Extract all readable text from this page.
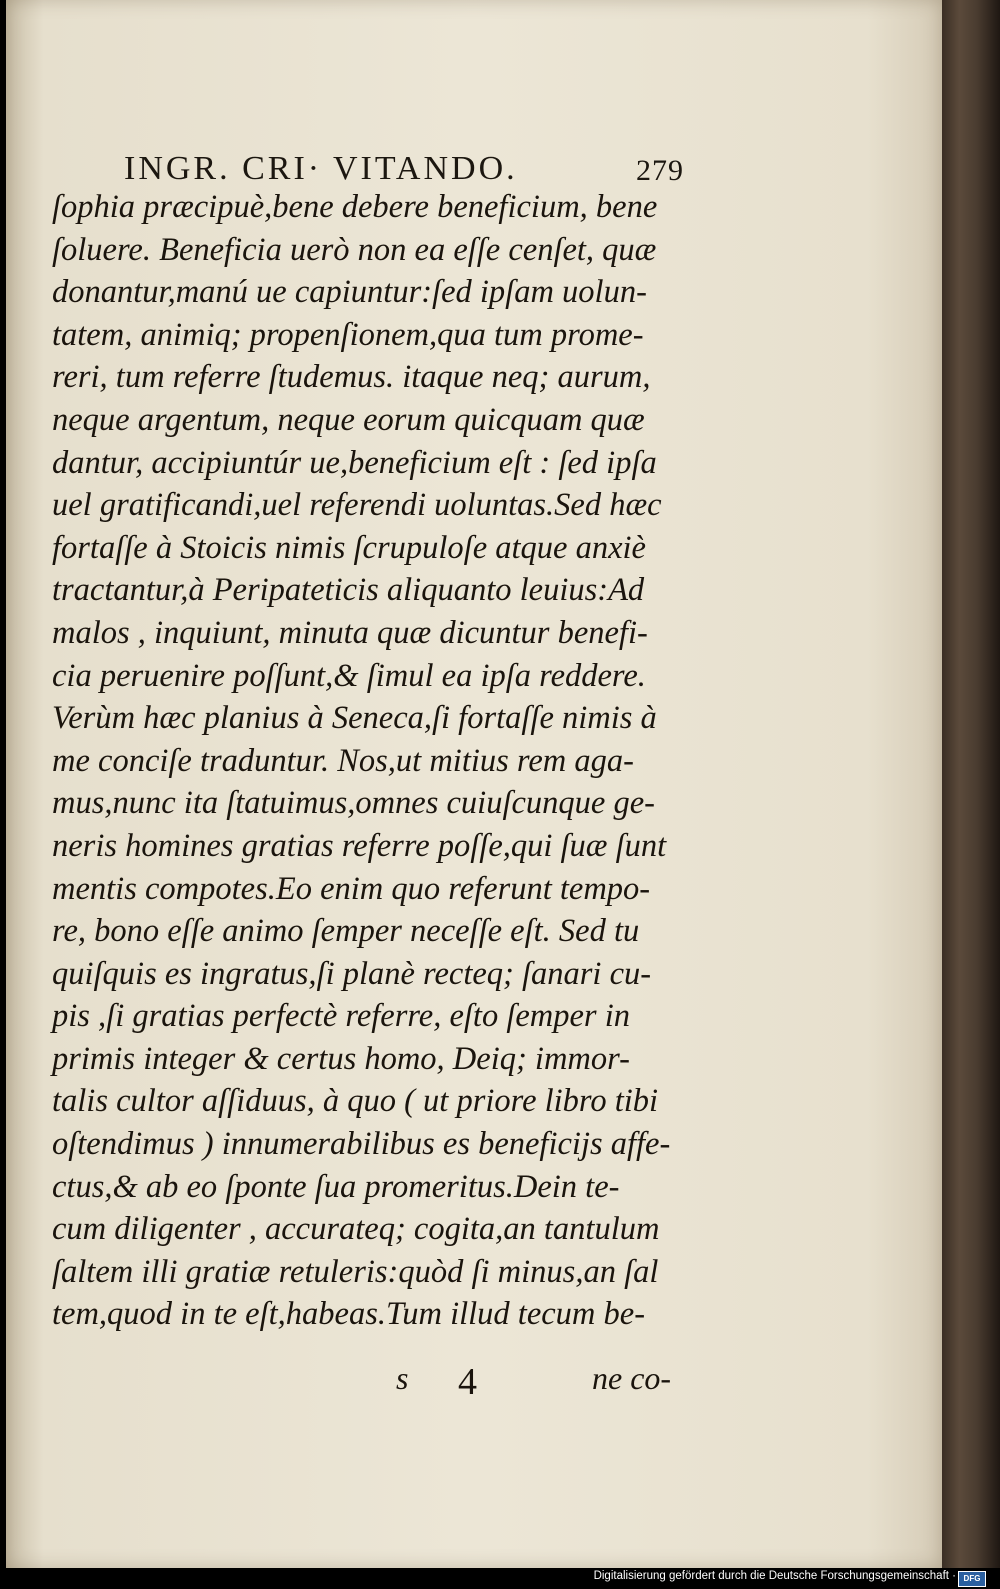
INGR. CRI· VITANDO.	279
ſophia præcipuè,bene debere beneficium, bene
ſoluere. Beneficia uerò non ea eſſe cenſet, quæ
donantur,manú ue capiuntur:ſed ipſam uolun-
tatem, animiq; propenſionem,qua tum prome-
reri, tum referre ſtudemus. itaque neq; aurum,
neque argentum, neque eorum quicquam quæ
dantur, accipiuntúr ue,beneficium eſt : ſed ipſa
uel gratificandi,uel referendi uoluntas.Sed hæc
fortaſſe à Stoicis nimis ſcrupuloſe atque anxiè
tractantur,à Peripateticis aliquanto leuius:Ad
malos , inquiunt, minuta quæ dicuntur benefi-
cia peruenire poſſunt,& ſimul ea ipſa reddere.
Verùm hæc planius à Seneca,ſi fortaſſe nimis à
me conciſe traduntur. Nos,ut mitius rem aga-
mus,nunc ita ſtatuimus,omnes cuiuſcunque ge-
neris homines gratias referre poſſe,qui ſuæ ſunt
mentis compotes.Eo enim quo referunt tempo-
re, bono eſſe animo ſemper neceſſe eſt. Sed tu
quiſquis es ingratus,ſi planè recteq; ſanari cu-
pis ,ſi gratias perfectè referre, eſto ſemper in
primis integer & certus homo, Deiq; immor-
talis cultor aſſiduus, à quo ( ut priore libro tibi
oſtendimus ) innumerabilibus es beneficijs affe-
ctus,& ab eo ſponte ſua promeritus.Dein te-
cum diligenter , accurateq; cogita,an tantulum
ſaltem illi gratiæ retuleris:quòd ſi minus,an ſal
tem,quod in te eſt,habeas.Tum illud tecum be-
s 4	ne co-
Digitalisierung gefördert durch die Deutsche Forschungsgemeinschaft · DFG
